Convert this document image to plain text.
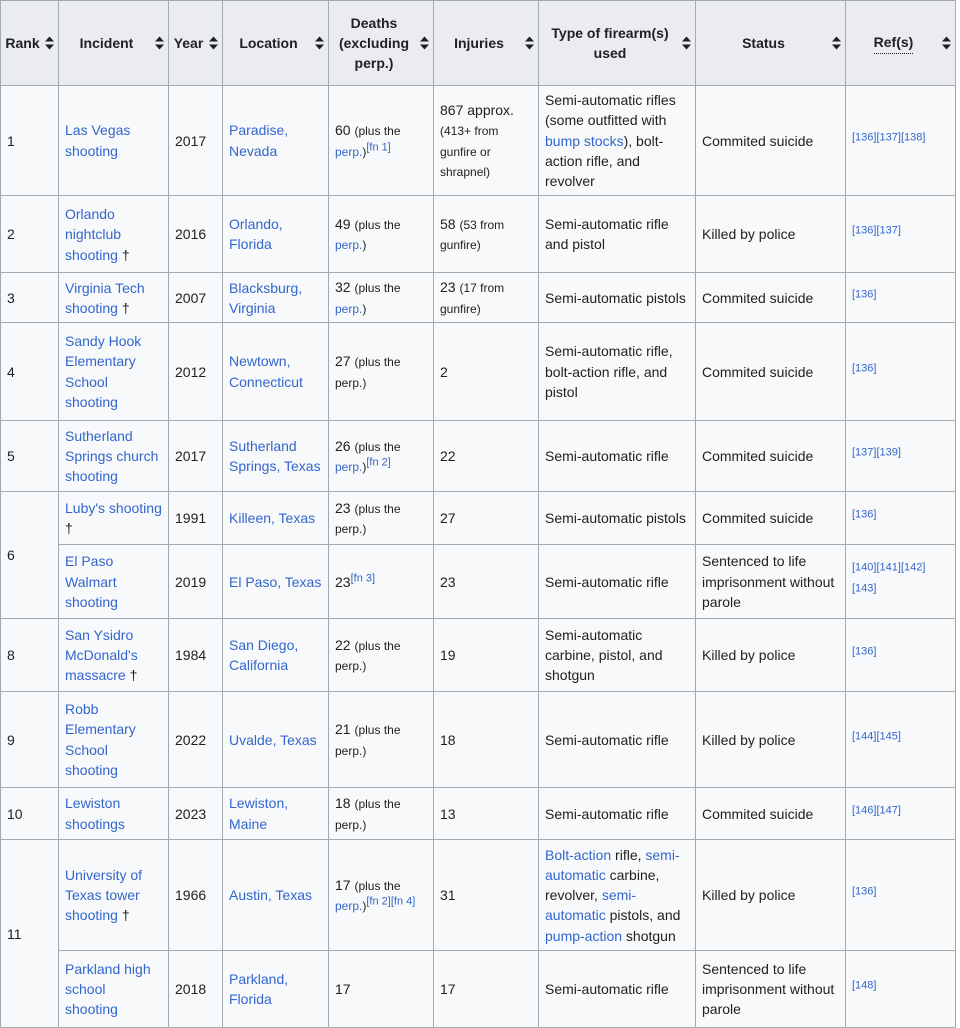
Rank	Incident	Year	Location	Deaths (excluding perp.)	Injuries	Type of firearm(s) used	Status	Ref(s)

1	Las Vegas shooting	2017	Paradise, Nevada	60 (plus the perp.)[fn 1]	867 approx. (413+ from gunfire or shrapnel)	Semi-automatic rifles (some outfitted with bump stocks), bolt-action rifle, and revolver	Commited suicide	[136][137][138]
2	Orlando nightclub shooting †	2016	Orlando, Florida	49 (plus the perp.)	58 (53 from gunfire)	Semi-automatic rifle and pistol	Killed by police	[136][137]
3	Virginia Tech shooting †	2007	Blacksburg, Virginia	32 (plus the perp.)	23 (17 from gunfire)	Semi-automatic pistols	Commited suicide	[136]
4	Sandy Hook Elementary School shooting	2012	Newtown, Connecticut	27 (plus the perp.)	2	Semi-automatic rifle, bolt-action rifle, and pistol	Commited suicide	[136]
5	Sutherland Springs church shooting	2017	Sutherland Springs, Texas	26 (plus the perp.)[fn 2]	22	Semi-automatic rifle	Commited suicide	[137][139]
6	Luby's shooting †	1991	Killeen, Texas	23 (plus the perp.)	27	Semi-automatic pistols	Commited suicide	[136]
	El Paso Walmart shooting	2019	El Paso, Texas	23[fn 3]	23	Semi-automatic rifle	Sentenced to life imprisonment without parole	[140][141][142][143]
8	San Ysidro McDonald's massacre †	1984	San Diego, California	22 (plus the perp.)	19	Semi-automatic carbine, pistol, and shotgun	Killed by police	[136]
9	Robb Elementary School shooting	2022	Uvalde, Texas	21 (plus the perp.)	18	Semi-automatic rifle	Killed by police	[144][145]
10	Lewiston shootings	2023	Lewiston, Maine	18 (plus the perp.)	13	Semi-automatic rifle	Commited suicide	[146][147]
11	University of Texas tower shooting †	1966	Austin, Texas	17 (plus the perp.)[fn 2][fn 4]	31	Bolt-action rifle, semi-automatic carbine, revolver, semi-automatic pistols, and pump-action shotgun	Killed by police	[136]
	Parkland high school shooting	2018	Parkland, Florida	17	17	Semi-automatic rifle	Sentenced to life imprisonment without parole	[148]
